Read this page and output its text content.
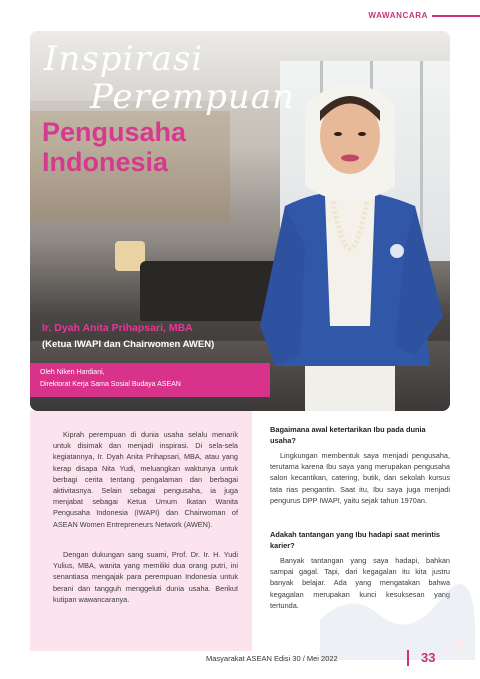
WAWANCARA
Inspirasi
Perempuan
Pengusaha
Indonesia
Ir. Dyah Anita Prihapsari, MBA
(Ketua IWAPI dan Chairwomen AWEN)
Oleh Niken Hardiani,
Direktorat Kerja Sama Sosial Budaya ASEAN

Kiprah perempuan di dunia usaha selalu menarik untuk disimak dan menjadi inspirasi. Di sela-sela kegiatannya, Ir. Dyah Anita Prihapsari, MBA, atau yang kerap disapa Nita Yudi, meluangkan waktunya untuk berbagi cerita tentang pengalaman dan berbagai aktivitasnya. Selain sebagai pengusaha, ia juga menjabat sebagai Ketua Umum Ikatan Wanita Pengusaha Indonesia (IWAPI) dan Chairwoman of ASEAN Women Entrepreneurs Network (AWEN).

Dengan dukungan sang suami, Prof. Dr. Ir. H. Yudi Yulius, MBA, wanita yang memiliki dua orang putri, ini senantiasa mengajak para perempuan Indonesia untuk berani dan tangguh menggeluti dunia usaha. Berikut kutipan wawancaranya.

Bagaimana awal ketertarikan Ibu pada dunia usaha?
Lingkungan membentuk saya menjadi pengusaha, terutama karena Ibu saya yang merupakan pengusaha salon kecantikan, catering, butik, dan sekolah kursus tata rias pengantin. Saat itu, Ibu saya juga menjadi pengurus DPP IWAPI, yaitu sejak tahun 1970an.
Adakah tantangan yang Ibu hadapi saat merintis karier?
Banyak tantangan yang saya hadapi, bahkan sampai gagal. Tapi, dari kegagalan itu kita justru banyak belajar. Ada yang mengatakan bahwa kegagalan merupakan kunci kesuksesan yang tertunda.
Masyarakat ASEAN Edisi 30 / Mei 2022	33
